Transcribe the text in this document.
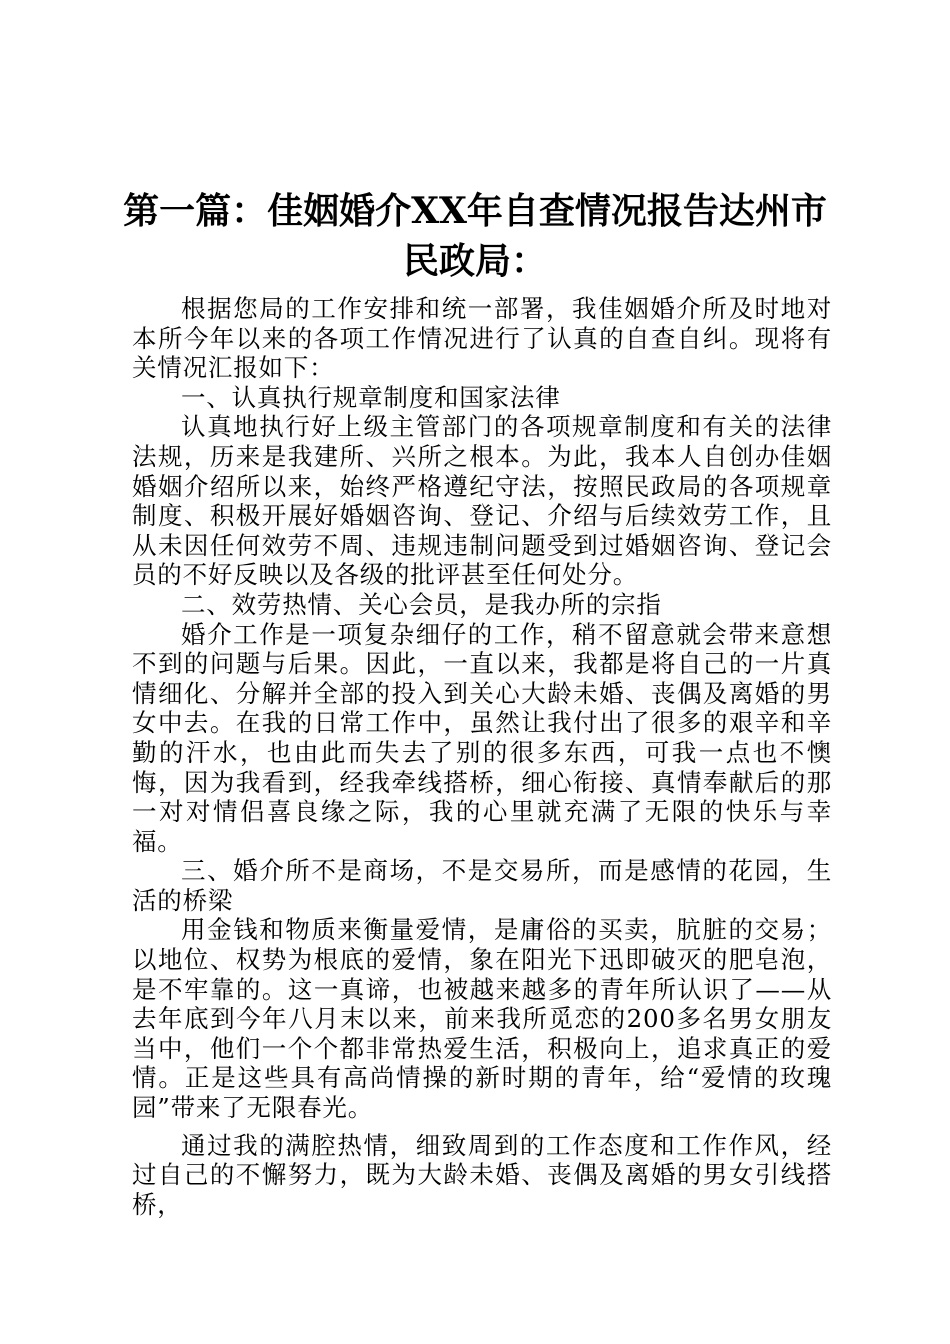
第一篇：佳姻婚介XX年自查情况报告达州市
民政局：

根据您局的工作安排和统一部署，我佳姻婚介所及时地对本所今年以来的各项工作情况进行了认真的自查自纠。现将有关情况汇报如下：

一、认真执行规章制度和国家法律

认真地执行好上级主管部门的各项规章制度和有关的法律法规，历来是我建所、兴所之根本。为此，我本人自创办佳姻婚姻介绍所以来，始终严格遵纪守法，按照民政局的各项规章制度、积极开展好婚姻咨询、登记、介绍与后续效劳工作，且从未因任何效劳不周、违规违制问题受到过婚姻咨询、登记会员的不好反映以及各级的批评甚至任何处分。

二、效劳热情、关心会员，是我办所的宗指

婚介工作是一项复杂细仔的工作，稍不留意就会带来意想不到的问题与后果。因此，一直以来，我都是将自己的一片真情细化、分解并全部的投入到关心大龄未婚、丧偶及离婚的男女中去。在我的日常工作中，虽然让我付出了很多的艰辛和辛勤的汗水，也由此而失去了别的很多东西，可我一点也不懊悔，因为我看到，经我牵线搭桥，细心衔接、真情奉献后的那一对对情侣喜良缘之际，我的心里就充满了无限的快乐与幸福。

三、婚介所不是商场，不是交易所，而是感情的花园，生活的桥梁

用金钱和物质来衡量爱情，是庸俗的买卖，肮脏的交易；以地位、权势为根底的爱情，象在阳光下迅即破灭的肥皂泡，是不牢靠的。这一真谛，也被越来越多的青年所认识了——从去年底到今年八月末以来，前来我所觅恋的200多名男女朋友当中，他们一个个都非常热爱生活，积极向上，追求真正的爱情。正是这些具有高尚情操的新时期的青年，给“爱情的玫瑰园”带来了无限春光。

通过我的满腔热情，细致周到的工作态度和工作作风，经过自己的不懈努力，既为大龄未婚、丧偶及离婚的男女引线搭桥，
